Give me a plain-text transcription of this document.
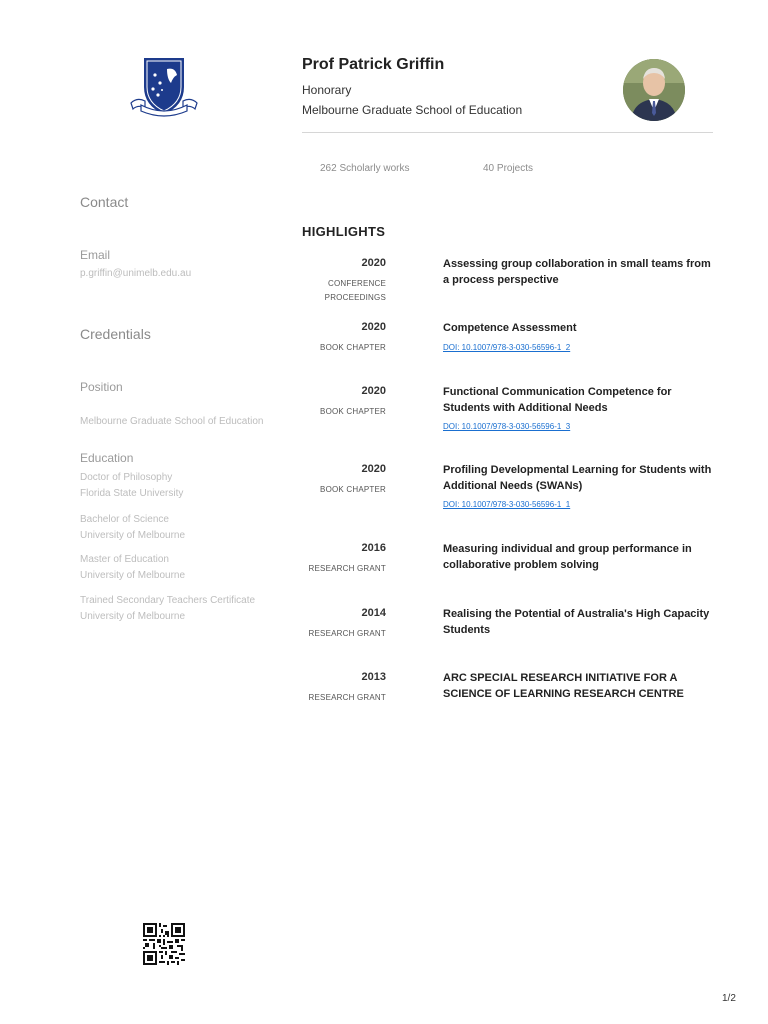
Prof Patrick Griffin
Honorary
Melbourne Graduate School of Education
262 Scholarly works	40 Projects
Contact
Email
p.griffin@unimelb.edu.au
Credentials
Position
Melbourne Graduate School of Education
Education
Doctor of Philosophy
Florida State University
Bachelor of Science
University of Melbourne
Master of Education
University of Melbourne
Trained Secondary Teachers Certificate
University of Melbourne
HIGHLIGHTS
2020
CONFERENCE PROCEEDINGS
Assessing group collaboration in small teams from a process perspective
2020
BOOK CHAPTER
Competence Assessment
DOI: 10.1007/978-3-030-56596-1_2
2020
BOOK CHAPTER
Functional Communication Competence for Students with Additional Needs
DOI: 10.1007/978-3-030-56596-1_3
2020
BOOK CHAPTER
Profiling Developmental Learning for Students with Additional Needs (SWANs)
DOI: 10.1007/978-3-030-56596-1_1
2016
RESEARCH GRANT
Measuring individual and group performance in collaborative problem solving
2014
RESEARCH GRANT
Realising the Potential of Australia's High Capacity Students
2013
RESEARCH GRANT
ARC SPECIAL RESEARCH INITIATIVE FOR A SCIENCE OF LEARNING RESEARCH CENTRE
1/2
